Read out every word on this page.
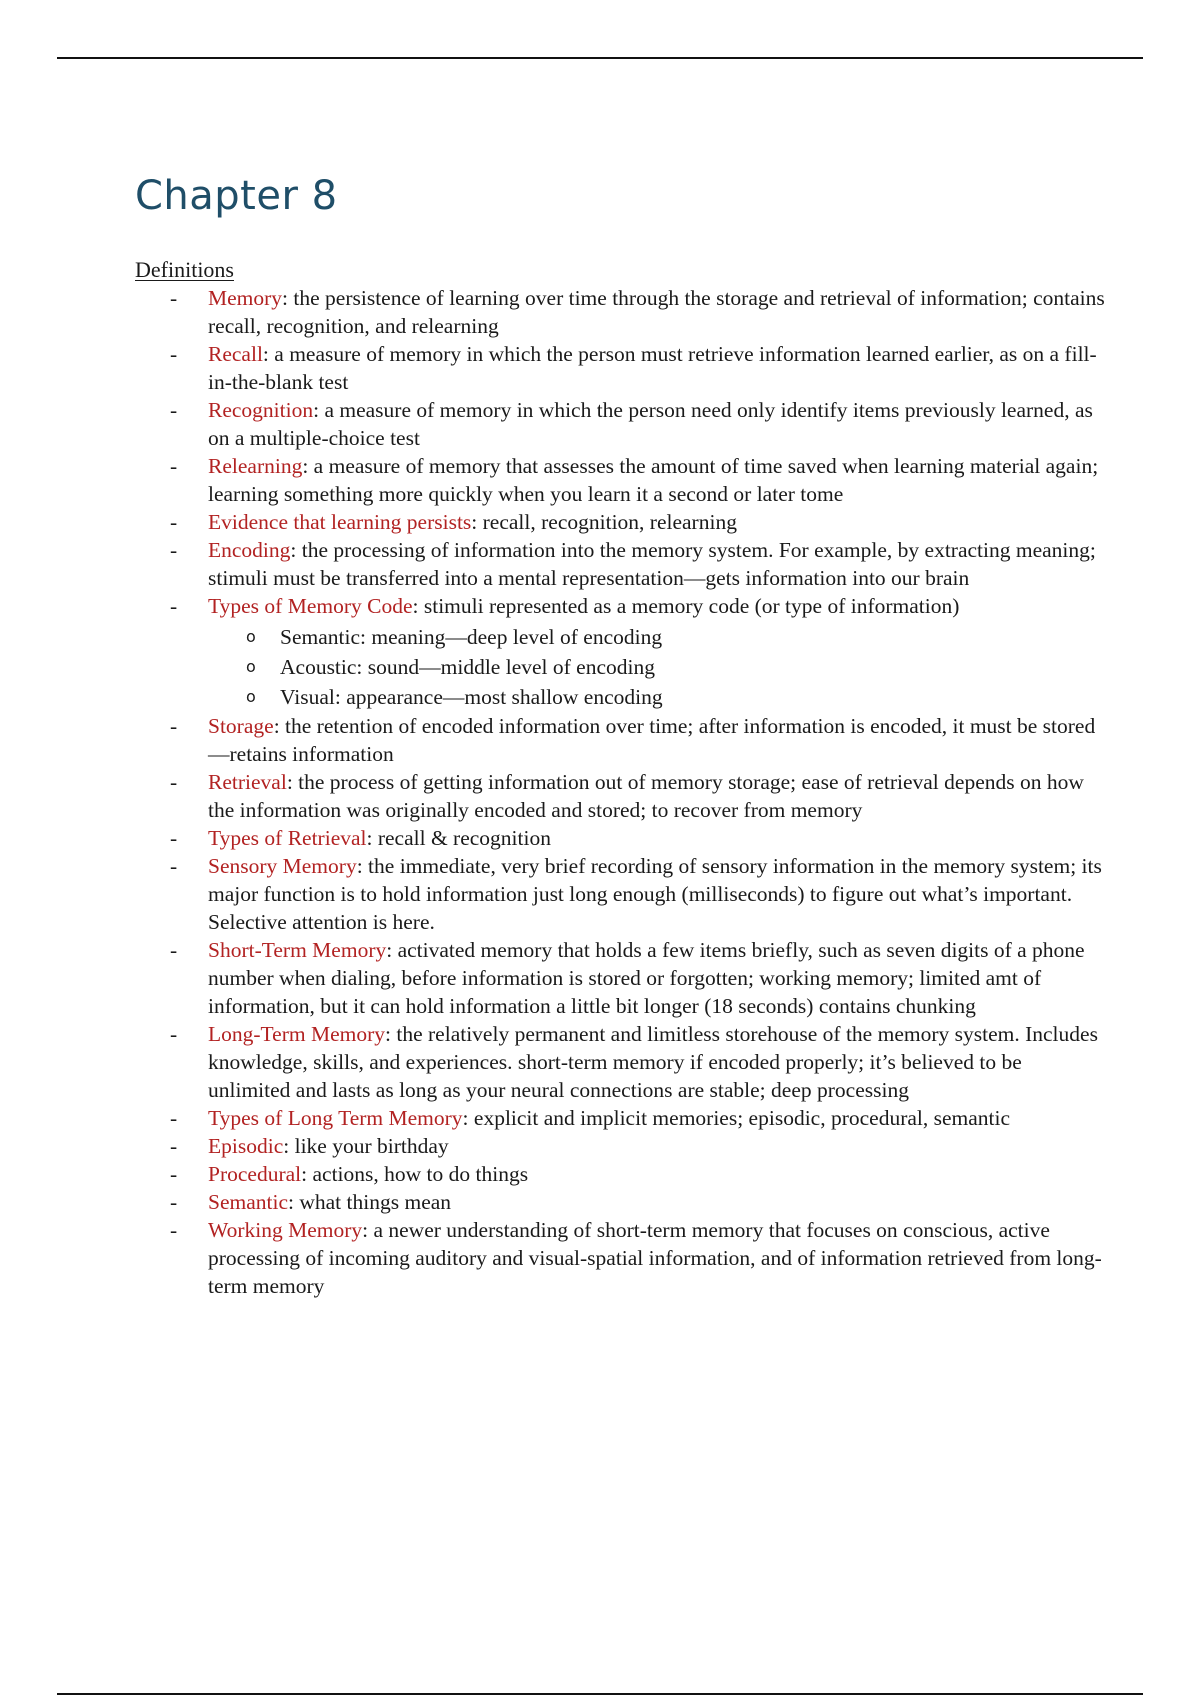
Chapter 8
Definitions
- Memory: the persistence of learning over time through the storage and retrieval of information; contains recall, recognition, and relearning
- Recall: a measure of memory in which the person must retrieve information learned earlier, as on a fill-in-the-blank test
- Recognition: a measure of memory in which the person need only identify items previously learned, as on a multiple-choice test
- Relearning: a measure of memory that assesses the amount of time saved when learning material again; learning something more quickly when you learn it a second or later tome
- Evidence that learning persists: recall, recognition, relearning
- Encoding: the processing of information into the memory system. For example, by extracting meaning; stimuli must be transferred into a mental representation—gets information into our brain
- Types of Memory Code: stimuli represented as a memory code (or type of information)
o Semantic: meaning—deep level of encoding
o Acoustic: sound—middle level of encoding
o Visual: appearance—most shallow encoding
- Storage: the retention of encoded information over time; after information is encoded, it must be stored—retains information
- Retrieval: the process of getting information out of memory storage; ease of retrieval depends on how the information was originally encoded and stored; to recover from memory
- Types of Retrieval: recall & recognition
- Sensory Memory: the immediate, very brief recording of sensory information in the memory system; its major function is to hold information just long enough (milliseconds) to figure out what’s important. Selective attention is here.
- Short-Term Memory: activated memory that holds a few items briefly, such as seven digits of a phone number when dialing, before information is stored or forgotten; working memory; limited amt of information, but it can hold information a little bit longer (18 seconds) contains chunking
- Long-Term Memory: the relatively permanent and limitless storehouse of the memory system. Includes knowledge, skills, and experiences. short-term memory if encoded properly; it’s believed to be unlimited and lasts as long as your neural connections are stable; deep processing
- Types of Long Term Memory: explicit and implicit memories; episodic, procedural, semantic
- Episodic: like your birthday
- Procedural: actions, how to do things
- Semantic: what things mean
- Working Memory: a newer understanding of short-term memory that focuses on conscious, active processing of incoming auditory and visual-spatial information, and of information retrieved from long-term memory
